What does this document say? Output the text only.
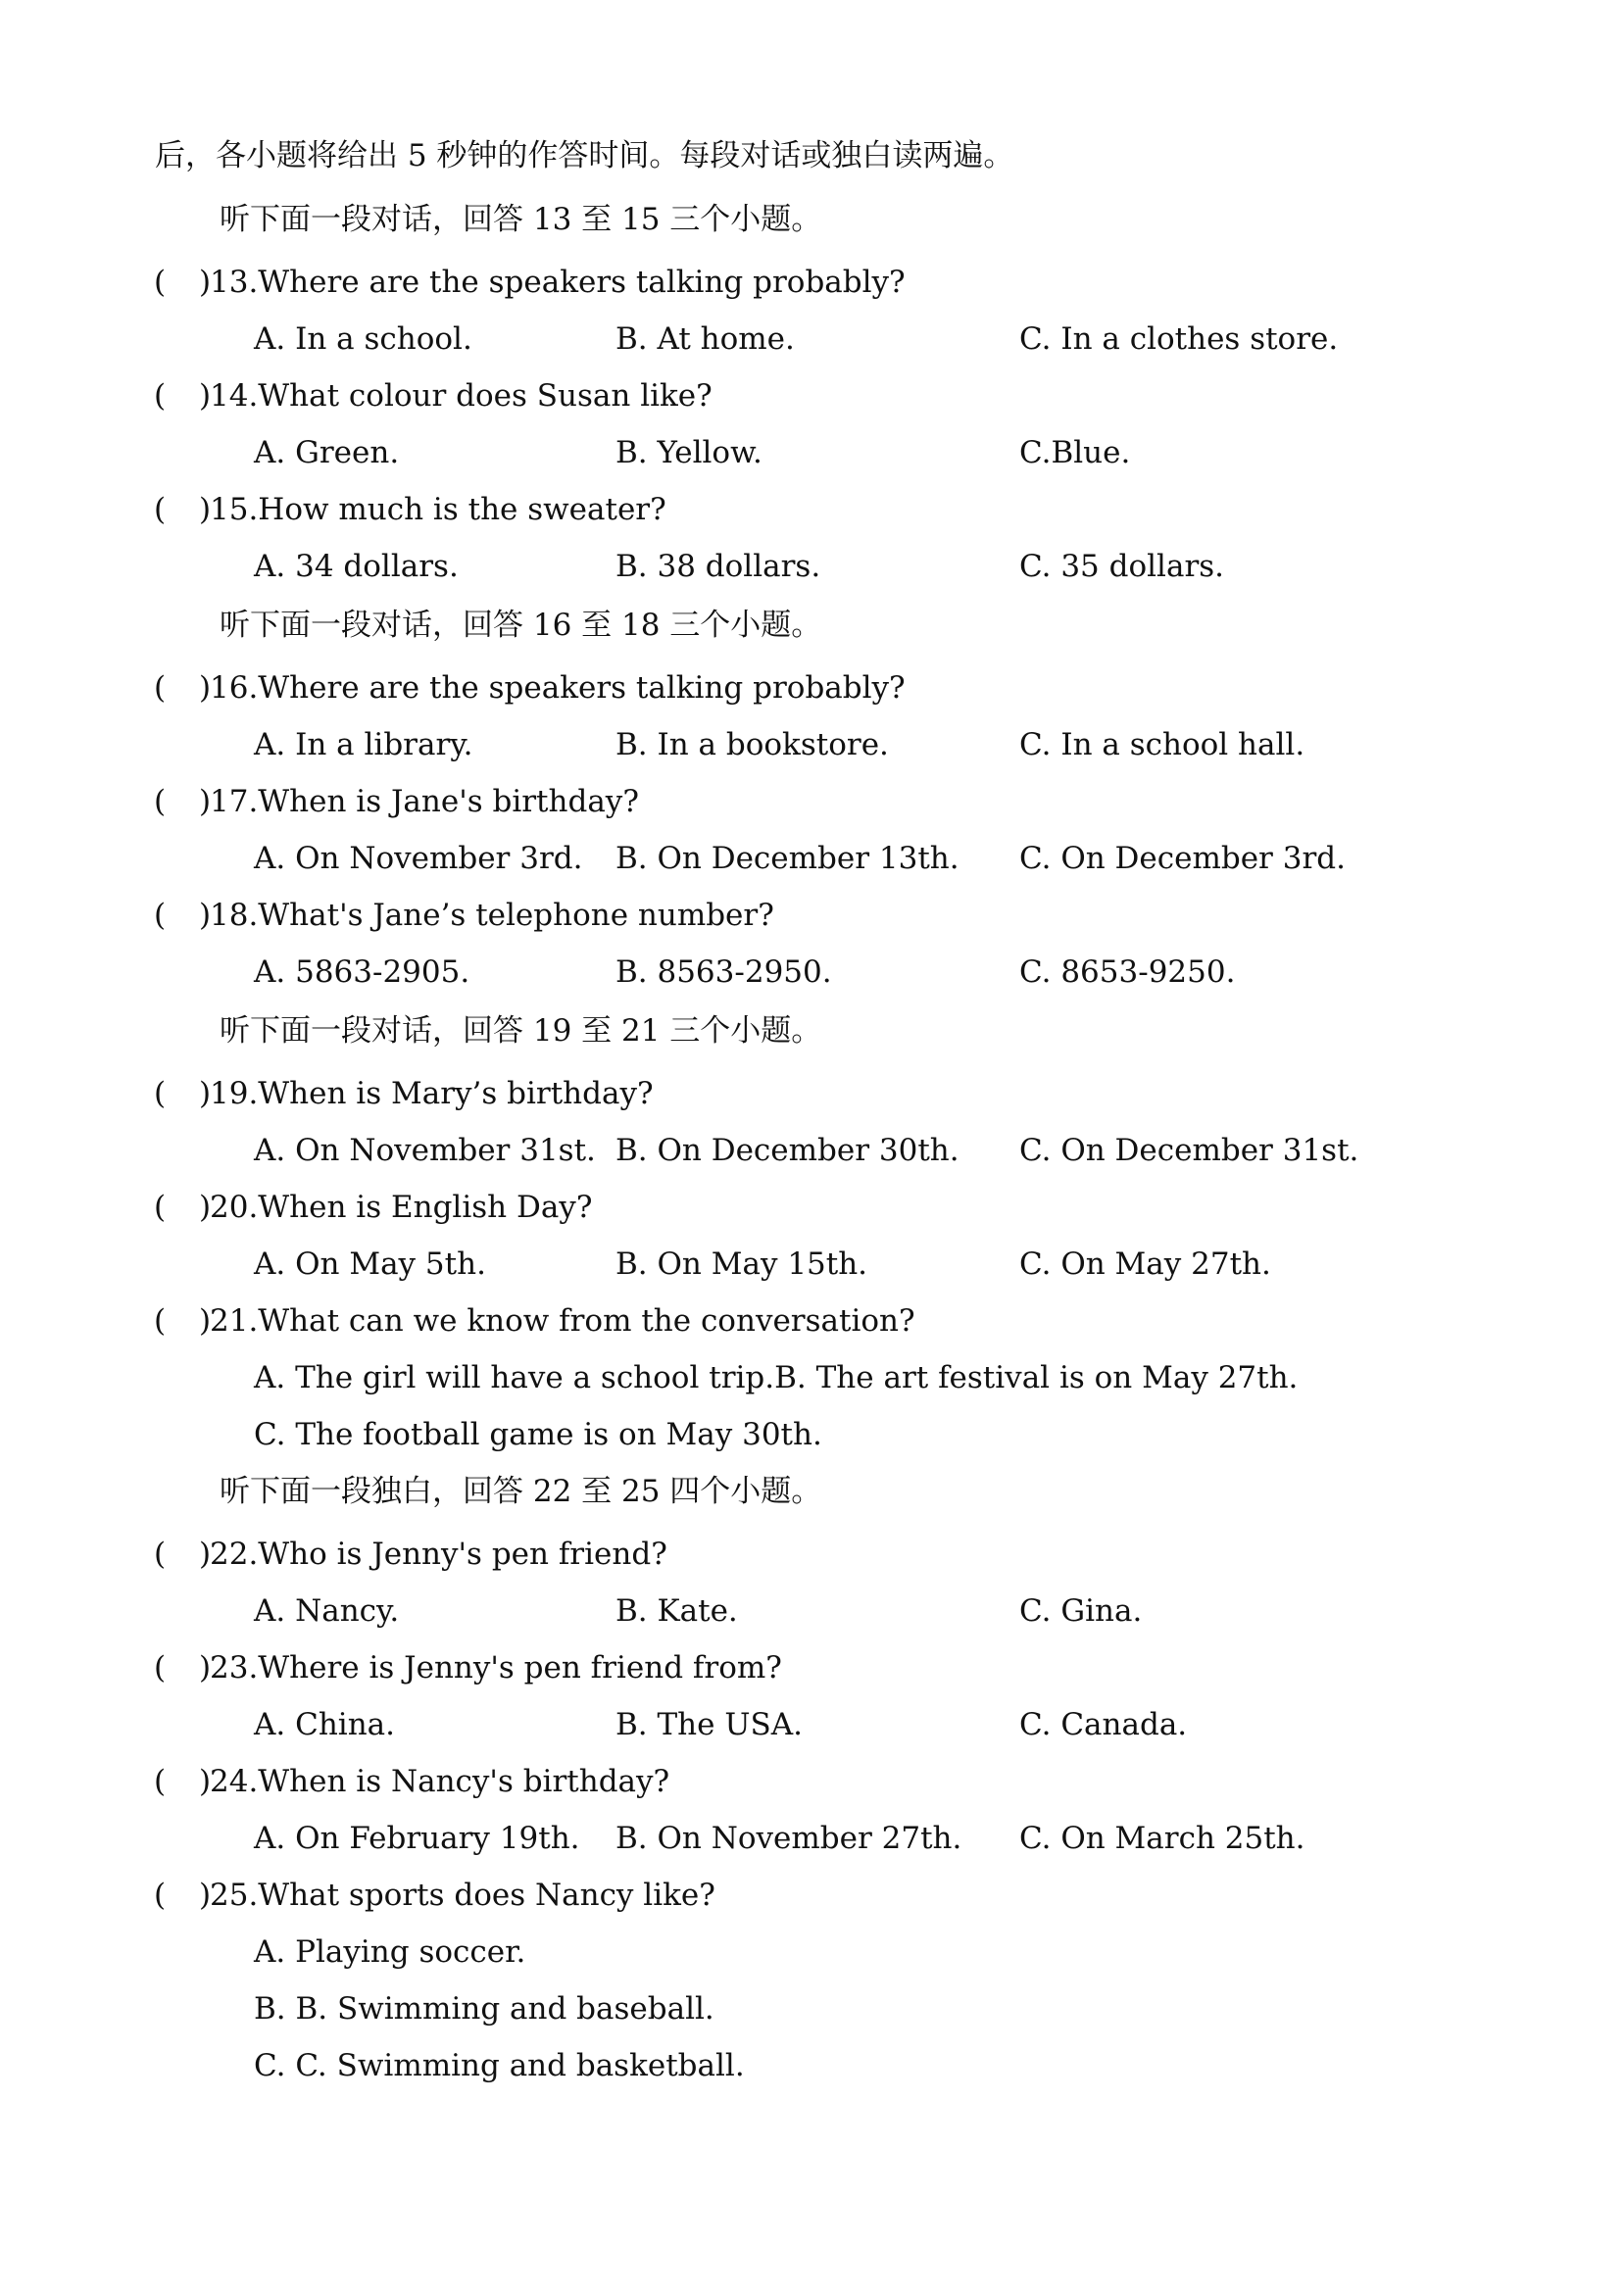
后，各小题将给出 5 秒钟的作答时间。每段对话或独白读两遍。
听下面一段对话，回答 13 至 15 三个小题。
( )
13.Where are the speakers talking probably?
A. In a school.	B. At home.	C. In a clothes store.
( )
14.What colour does Susan like?
A. Green.	B. Yellow.	C.Blue.
( )
15.How much is the sweater?
A. 34 dollars.	B. 38 dollars.	C. 35 dollars.
听下面一段对话，回答 16 至 18 三个小题。
( )
16.Where are the speakers talking probably?
A. In a library.	B. In a bookstore.	C. In a school hall.
( )
17.When is Jane's birthday?
A. On November 3rd. B. On December 13th. C. On December 3rd.
( )
18.What's Jane’s telephone number?
A. 5863-2905.	B. 8563-2950.	C. 8653-9250.
听下面一段对话，回答 19 至 21 三个小题。
( )
19.When is Mary’s birthday?
A. On November 31st. B. On December 30th. C. On December 31st.
( )
20.When is English Day?
A. On May 5th.	B. On May 15th.	C. On May 27th.
( )
21.What can we know from the conversation?
A. The girl will have a school trip.B. The art festival is on May 27th.
C. The football game is on May 30th.
听下面一段独白，回答 22 至 25 四个小题。
( )
22.Who is Jenny's pen friend?
A. Nancy.	B. Kate.	C. Gina.
( )
23.Where is Jenny's pen friend from?
A. China.	B. The USA.	C. Canada.
( )
24.When is Nancy's birthday?
A. On February 19th. B. On November 27th. C. On March 25th.
( )
25.What sports does Nancy like?
A. Playing soccer.
B. B. Swimming and baseball.
C. C. Swimming and basketball.
